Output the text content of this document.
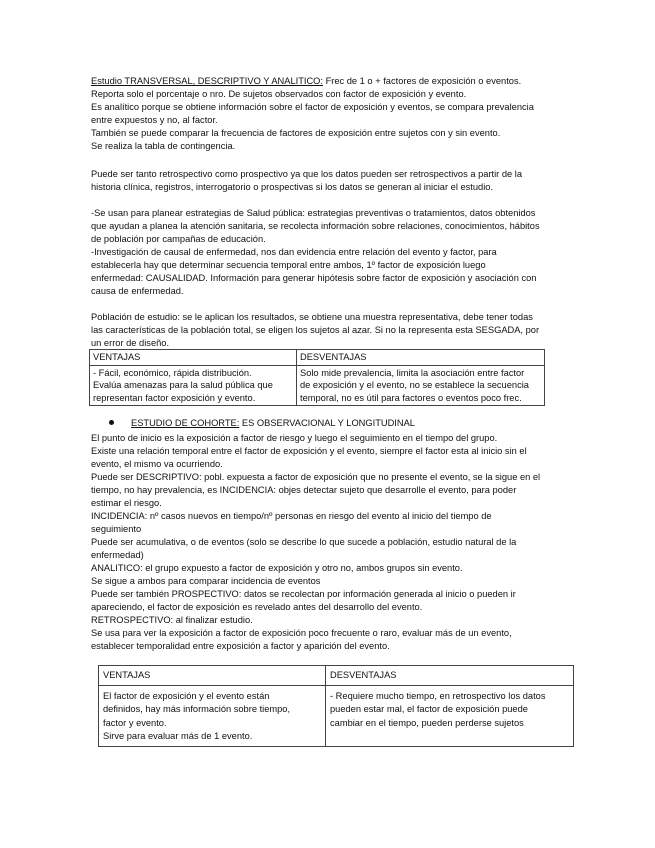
Estudio TRANSVERSAL, DESCRIPTIVO Y ANALITICO: Frec de 1 o + factores de exposición o eventos.
Reporta solo el porcentaje o nro. De sujetos observados con factor de exposición y evento.
Es analítico porque se obtiene información sobre el factor de exposición y eventos, se compara prevalencia
entre expuestos y no, al factor.
También se puede comparar la frecuencia de factores de exposición entre sujetos con y sin evento.
Se realiza la tabla de contingencia.
Puede ser tanto retrospectivo como prospectivo ya que los datos pueden ser retrospectivos a partir de la
historia clínica, registros, interrogatorio o prospectivas si los datos se generan al iniciar el estudio.
-Se usan para planear estrategias de Salud pública: estrategias preventivas o tratamientos, datos obtenidos
que ayudan a planea la atención sanitaria, se recolecta información sobre relaciones, conocimientos, hábitos
de población por campañas de educación.
-Investigación de causal de enfermedad, nos dan evidencia entre relación del evento y factor, para
establecerla hay que determinar secuencia temporal entre ambos, 1º factor de exposición luego
enfermedad: CAUSALIDAD. Información para generar hipótesis sobre factor de exposición y asociación con
causa de enfermedad.
Población de estudio: se le aplican los resultados, se obtiene una muestra representativa, debe tener todas
las características de la población total, se eligen los sujetos al azar. Si no la representa esta SESGADA, por
un error de diseño.
VENTAJAS	DESVENTAJAS

- Fácil, económico, rápida distribución.
Evalúa amenazas para la salud pública que
representan factor exposición y evento.	Solo mide prevalencia, limita la asociación entre factor
de exposición y el evento, no se establece la secuencia
temporal, no es útil para factores o eventos poco frec.
ESTUDIO DE COHORTE: ES OBSERVACIONAL Y LONGITUDINAL
El punto de inicio es la exposición a factor de riesgo y luego el seguimiento en el tiempo del grupo.
Existe una relación temporal entre el factor de exposición y el evento, siempre el factor esta al inicio sin el
evento, el mismo va ocurriendo.
Puede ser DESCRIPTIVO: pobl. expuesta a factor de exposición que no presente el evento, se la sigue en el
tiempo, no hay prevalencia, es INCIDENCIA: objes detectar sujeto que desarrolle el evento, para poder
estimar el riesgo.
INCIDENCIA: nº casos nuevos en tiempo/nº personas en riesgo del evento al inicio del tiempo de
seguimiento
Puede ser acumulativa, o de eventos (solo se describe lo que sucede a población, estudio natural de la
enfermedad)
ANALITICO: el grupo expuesto a factor de exposición y otro no, ambos grupos sin evento.
Se sigue a ambos para comparar incidencia de eventos
Puede ser también PROSPECTIVO: datos se recolectan por información generada al inicio o pueden ir
apareciendo, el factor de exposición es revelado antes del desarrollo del evento.
RETROSPECTIVO: al finalizar estudio.
Se usa para ver la exposición a factor de exposición poco frecuente o raro, evaluar más de un evento,
establecer temporalidad entre exposición a factor y aparición del evento.
VENTAJAS	DESVENTAJAS

El factor de exposición y el evento están
definidos, hay más información sobre tiempo,
factor y evento.
Sirve para evaluar más de 1 evento.	- Requiere mucho tiempo, en retrospectivo los datos
pueden estar mal, el factor de exposición puede
cambiar en el tiempo, pueden perderse sujetos
